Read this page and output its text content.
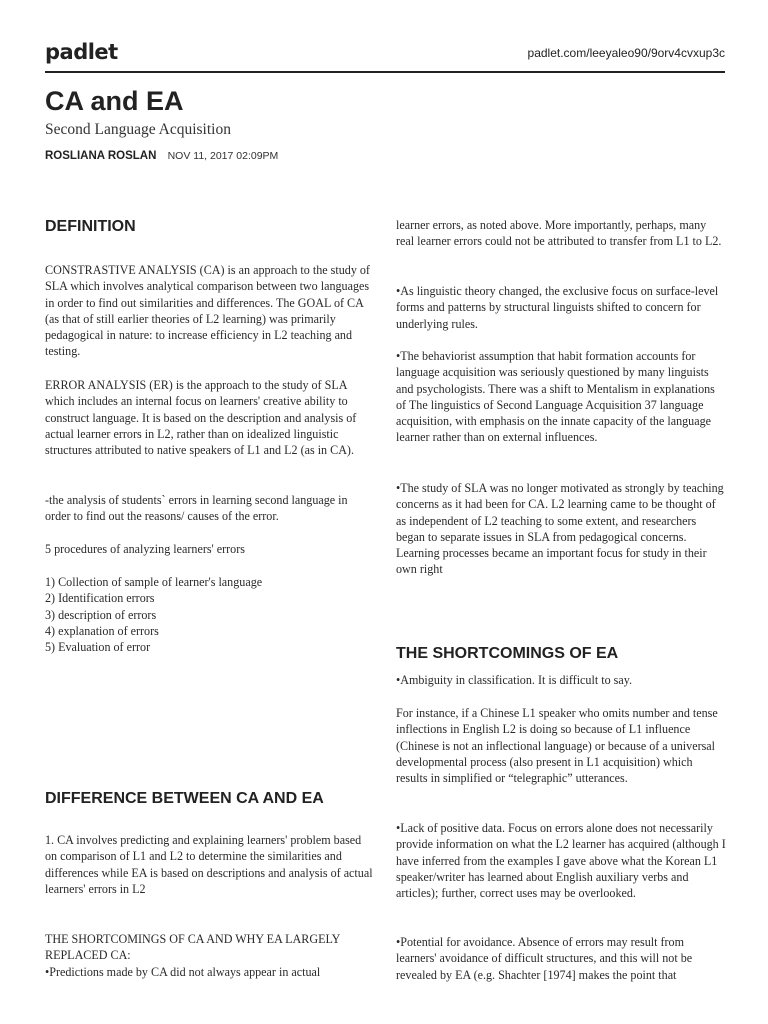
padlet	padlet.com/leeyaleo90/9orv4cvxup3c
CA and EA
Second Language Acquisition
ROSLIANA ROSLAN NOV 11, 2017 02:09PM
DEFINITION

CONSTRASTIVE ANALYSIS (CA) is an approach to the study of SLA which involves analytical comparison between two languages in order to find out similarities and differences. The GOAL of CA (as that of still earlier theories of L2 learning) was primarily pedagogical in nature: to increase efficiency in L2 teaching and testing.

ERROR ANALYSIS (ER) is the approach to the study of SLA which includes an internal focus on learners' creative ability to construct language. It is based on the description and analysis of actual learner errors in L2, rather than on idealized linguistic structures attributed to native speakers of L1 and L2 (as in CA).

-the analysis of students` errors in learning second language in order to find out the reasons/ causes of the error.

5 procedures of analyzing learners' errors

1) Collection of sample of learner's language

2) Identification errors

3) description of errors

4) explanation of errors

5) Evaluation of error

DIFFERENCE BETWEEN CA AND EA

1. CA involves predicting and explaining learners' problem based on comparison of L1 and L2 to determine the similarities and differences while EA is based on descriptions and analysis of actual learners' errors in L2

THE SHORTCOMINGS OF CA AND WHY EA LARGELY REPLACED CA:

•Predictions made by CA did not always appear in actual

learner errors, as noted above. More importantly, perhaps, many real learner errors could not be attributed to transfer from L1 to L2.

•As linguistic theory changed, the exclusive focus on surface-level forms and patterns by structural linguists shifted to concern for underlying rules.

•The behaviorist assumption that habit formation accounts for language acquisition was seriously questioned by many linguists and psychologists. There was a shift to Mentalism in explanations of The linguistics of Second Language Acquisition 37 language acquisition, with emphasis on the innate capacity of the language learner rather than on external influences.

•The study of SLA was no longer motivated as strongly by teaching concerns as it had been for CA. L2 learning came to be thought of as independent of L2 teaching to some extent, and researchers began to separate issues in SLA from pedagogical concerns. Learning processes became an important focus for study in their own right

THE SHORTCOMINGS OF EA

•Ambiguity in classification. It is difficult to say.

For instance, if a Chinese L1 speaker who omits number and tense inflections in English L2 is doing so because of L1 influence (Chinese is not an inflectional language) or because of a universal developmental process (also present in L1 acquisition) which results in simplified or “telegraphic” utterances.

•Lack of positive data. Focus on errors alone does not necessarily provide information on what the L2 learner has acquired (although I have inferred from the examples I gave above what the Korean L1 speaker/writer has learned about English auxiliary verbs and articles); further, correct uses may be overlooked.

•Potential for avoidance. Absence of errors may result from learners' avoidance of difficult structures, and this will not be revealed by EA (e.g. Shachter [1974] makes the point that
